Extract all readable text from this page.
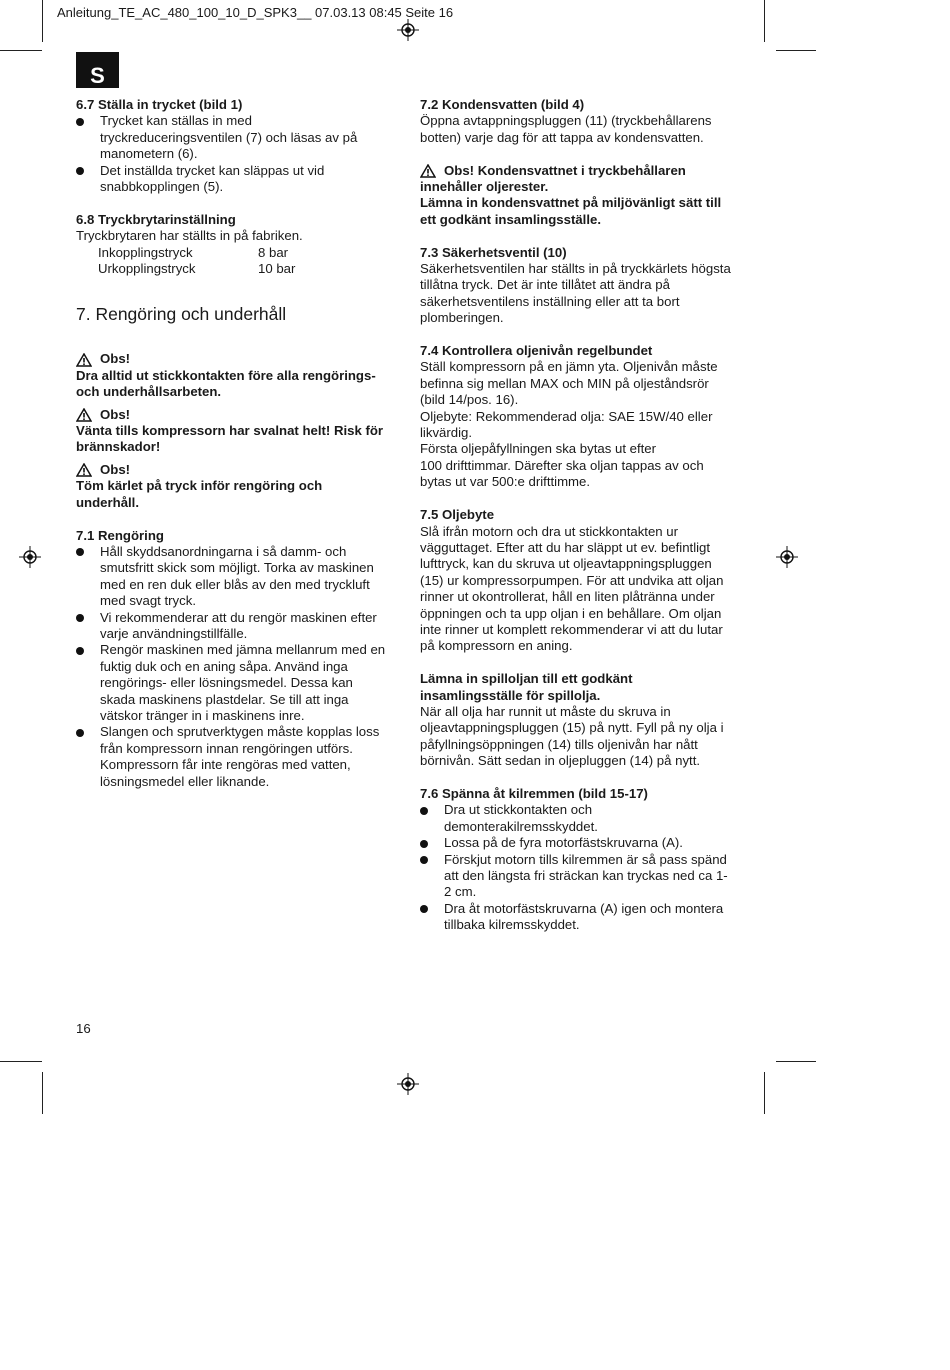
Anleitung_TE_AC_480_100_10_D_SPK3__ 07.03.13 08:45 Seite 16
S

6.7 Ställa in trycket (bild 1)

Trycket kan ställas in med

tryckreduceringsventilen (7) och läsas av på

manometern (6).

Det inställda trycket kan släppas ut vid

snabbkopplingen (5).

6.8 Tryckbrytarinställning

Tryckbrytaren har ställts in på fabriken.

Inkopplingstryck	8 bar
Urkopplingstryck	10 bar

7. Rengöring och underhåll

Obs!

Dra alltid ut stickkontakten före alla rengörings-

och underhållsarbeten.

Obs!

Vänta tills kompressorn har svalnat helt! Risk för

brännskador!

Obs!

Töm kärlet på tryck inför rengöring och

underhåll.

7.1 Rengöring

Håll skyddsanordningarna i så damm- och

smutsfritt skick som möjligt. Torka av maskinen

med en ren duk eller blås av den med tryckluft

med svagt tryck.

Vi rekommenderar att du rengör maskinen efter

varje användningstillfälle.

Rengör maskinen med jämna mellanrum med en

fuktig duk och en aning såpa. Använd inga

rengörings- eller lösningsmedel. Dessa kan

skada maskinens plastdelar. Se till att inga

vätskor tränger in i maskinens inre.

Slangen och sprutverktygen måste kopplas loss

från kompressorn innan rengöringen utförs.

Kompressorn får inte rengöras med vatten,

lösningsmedel eller liknande.

7.2 Kondensvatten (bild 4)

Öppna avtappningspluggen (11) (tryckbehållarens

botten) varje dag för att tappa av kondensvatten.

Obs! Kondensvattnet i tryckbehållaren

innehåller oljerester.

Lämna in kondensvattnet på miljövänligt sätt till

ett godkänt insamlingsställe.

7.3 Säkerhetsventil (10)

Säkerhetsventilen har ställts in på tryckkärlets högsta

tillåtna tryck. Det är inte tillåtet att ändra på

säkerhetsventilens inställning eller att ta bort

plomberingen.

7.4 Kontrollera oljenivån regelbundet

Ställ kompressorn på en jämn yta. Oljenivån måste

befinna sig mellan MAX och MIN på oljeståndsrör

(bild 14/pos. 16).

Oljebyte: Rekommenderad olja: SAE 15W/40 eller

likvärdig.

Första oljepåfyllningen ska bytas ut efter

100 drifttimmar. Därefter ska oljan tappas av och

bytas ut var 500:e drifttimme.

7.5 Oljebyte

Slå ifrån motorn och dra ut stickkontakten ur

vägguttaget. Efter att du har släppt ut ev. befintligt

lufttryck, kan du skruva ut oljeavtappningspluggen

(15) ur kompressorpumpen. För att undvika att oljan

rinner ut okontrollerat, håll en liten plåtränna under

öppningen och ta upp oljan i en behållare. Om oljan

inte rinner ut komplett rekommenderar vi att du lutar

på kompressorn en aning.

Lämna in spilloljan till ett godkänt

insamlingsställe för spillolja.

När all olja har runnit ut måste du skruva in

oljeavtappningspluggen (15) på nytt. Fyll på ny olja i

påfyllningsöppningen (14) tills oljenivån har nått

börnivån. Sätt sedan in oljepluggen (14) på nytt.

7.6 Spänna åt kilremmen (bild 15-17)

Dra ut stickkontakten och

demonterakilremsskyddet.

Lossa på de fyra motorfästskruvarna (A).

Förskjut motorn tills kilremmen är så pass spänd

att den längsta fri sträckan kan tryckas ned ca 1-

2 cm.

Dra åt motorfästskruvarna (A) igen och montera

tillbaka kilremsskyddet.

16
